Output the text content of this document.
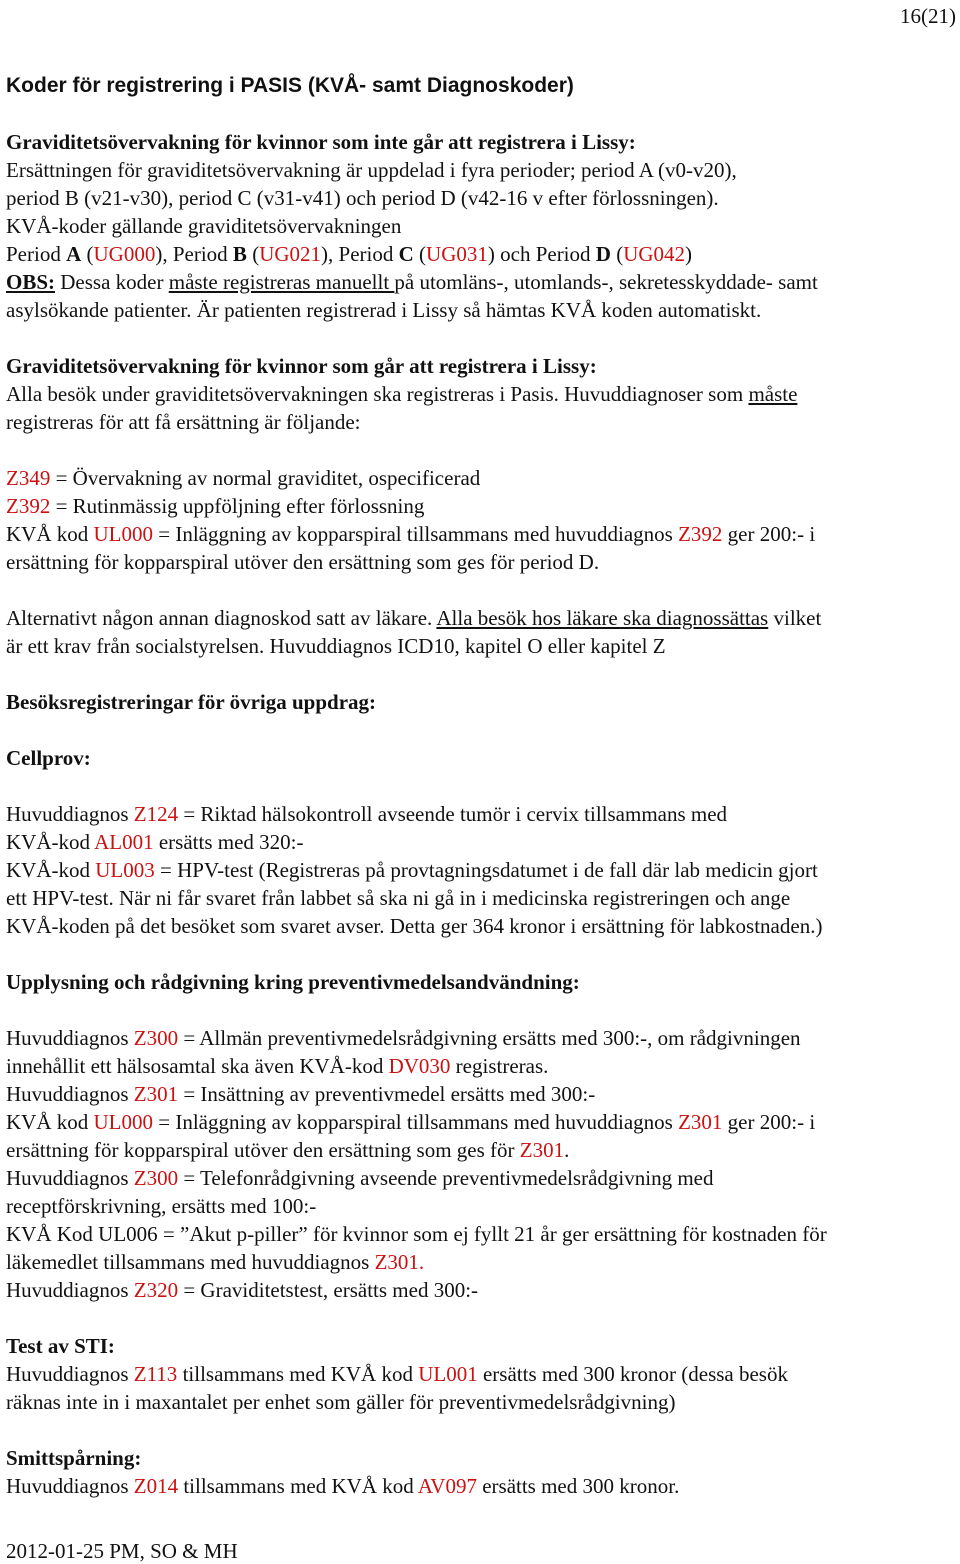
16(21)
Koder för registrering i PASIS (KVÅ- samt Diagnoskoder)
Graviditetsövervakning för kvinnor som inte går att registrera i Lissy:
Ersättningen för graviditetsövervakning är uppdelad i fyra perioder; period A (v0-v20),
period B (v21-v30), period C (v31-v41) och period D (v42-16 v efter förlossningen).
KVÅ-koder gällande graviditetsövervakningen
Period A (UG000), Period B (UG021), Period C (UG031) och Period D (UG042)
OBS: Dessa koder måste registreras manuellt på utomläns-, utomlands-, sekretesskyddade- samt
asylsökande patienter. Är patienten registrerad i Lissy så hämtas KVÅ koden automatiskt.
Graviditetsövervakning för kvinnor som går att registrera i Lissy:
Alla besök under graviditetsövervakningen ska registreras i Pasis. Huvuddiagnoser som måste
registreras för att få ersättning är följande:
Z349 = Övervakning av normal graviditet, ospecificerad
Z392 = Rutinmässig uppföljning efter förlossning
KVÅ kod UL000 = Inläggning av kopparspiral tillsammans med huvuddiagnos Z392 ger 200:- i
ersättning för kopparspiral utöver den ersättning som ges för period D.
Alternativt någon annan diagnoskod satt av läkare. Alla besök hos läkare ska diagnossättas vilket
är ett krav från socialstyrelsen. Huvuddiagnos ICD10, kapitel O eller kapitel Z
Besöksregistreringar för övriga uppdrag:
Cellprov:
Huvuddiagnos Z124 = Riktad hälsokontroll avseende tumör i cervix tillsammans med
KVÅ-kod AL001 ersätts med 320:-
KVÅ-kod UL003 = HPV-test (Registreras på provtagningsdatumet i de fall där lab medicin gjort
ett HPV-test. När ni får svaret från labbet så ska ni gå in i medicinska registreringen och ange
KVÅ-koden på det besöket som svaret avser. Detta ger 364 kronor i ersättning för labkostnaden.)
Upplysning och rådgivning kring preventivmedelsandvändning:
Huvuddiagnos Z300 = Allmän preventivmedelsrådgivning ersätts med 300:-, om rådgivningen
innehållit ett hälsosamtal ska även KVÅ-kod DV030 registreras.
Huvuddiagnos Z301 = Insättning av preventivmedel ersätts med 300:-
KVÅ kod UL000 = Inläggning av kopparspiral tillsammans med huvuddiagnos Z301 ger 200:- i
ersättning för kopparspiral utöver den ersättning som ges för Z301.
Huvuddiagnos Z300 = Telefonrådgivning avseende preventivmedelsrådgivning med
receptförskrivning, ersätts med 100:-
KVÅ Kod UL006 = ”Akut p-piller” för kvinnor som ej fyllt 21 år ger ersättning för kostnaden för
läkemedlet tillsammans med huvuddiagnos Z301.
Huvuddiagnos Z320 = Graviditetstest, ersätts med 300:-
Test av STI:
Huvuddiagnos Z113 tillsammans med KVÅ kod UL001 ersätts med 300 kronor (dessa besök
räknas inte in i maxantalet per enhet som gäller för preventivmedelsrådgivning)
Smittspårning:
Huvuddiagnos Z014 tillsammans med KVÅ kod AV097 ersätts med 300 kronor.
2012-01-25 PM, SO & MH
